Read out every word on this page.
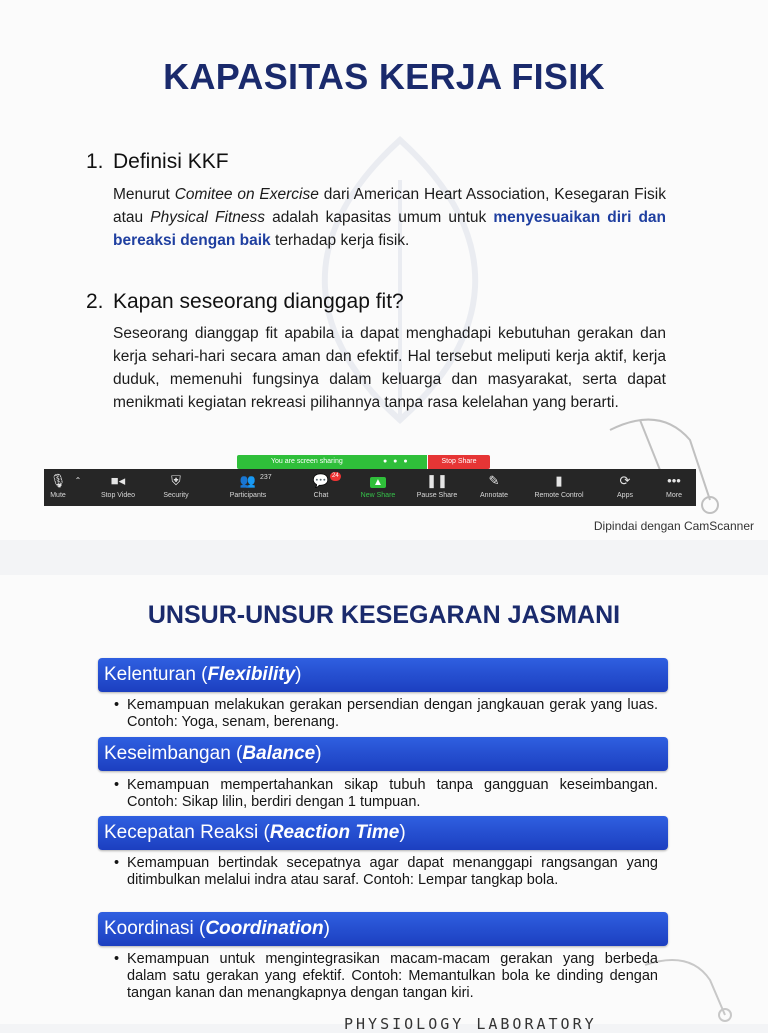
KAPASITAS KERJA FISIK
1. Definisi KKF
Menurut Comitee on Exercise dari American Heart Association, Kesegaran Fisik atau Physical Fitness adalah kapasitas umum untuk menyesuaikan diri dan bereaksi dengan baik terhadap kerja fisik.
2. Kapan seseorang dianggap fit?
Seseorang dianggap fit apabila ia dapat menghadapi kebutuhan gerakan dan kerja sehari-hari secara aman dan efektif. Hal tersebut meliputi kerja aktif, kerja duduk, memenuhi fungsinya dalam keluarga dan masyarakat, serta dapat menikmati kegiatan rekreasi pilihannya tanpa rasa kelelahan yang berarti.
You are screen sharing	● ● ●	Stop Share
🎙
Mute
⌃	■◂
Stop Video
⛨
Security
👥 237
Participants
💬 24
Chat
▲
New Share
❚❚
Pause Share
✎
Annotate
▮
Remote Control
⟳
Apps
•••
More
Dipindai dengan CamScanner
UNSUR-UNSUR KESEGARAN JASMANI
Kelenturan (Flexibility)
• Kemampuan melakukan gerakan persendian dengan jangkauan gerak yang luas. Contoh: Yoga, senam, berenang.
Keseimbangan (Balance)
• Kemampuan mempertahankan sikap tubuh tanpa gangguan keseimbangan. Contoh: Sikap lilin, berdiri dengan 1 tumpuan.
Kecepatan Reaksi (Reaction Time)
• Kemampuan bertindak secepatnya agar dapat menanggapi rangsangan yang ditimbulkan melalui indra atau saraf. Contoh: Lempar tangkap bola.
Koordinasi (Coordination)
• Kemampuan untuk mengintegrasikan macam-macam gerakan yang berbeda dalam satu gerakan yang efektif. Contoh: Memantulkan bola ke dinding dengan tangan kanan dan menangkapnya dengan tangan kiri.
PHYSIOLOGY LABORATORY
